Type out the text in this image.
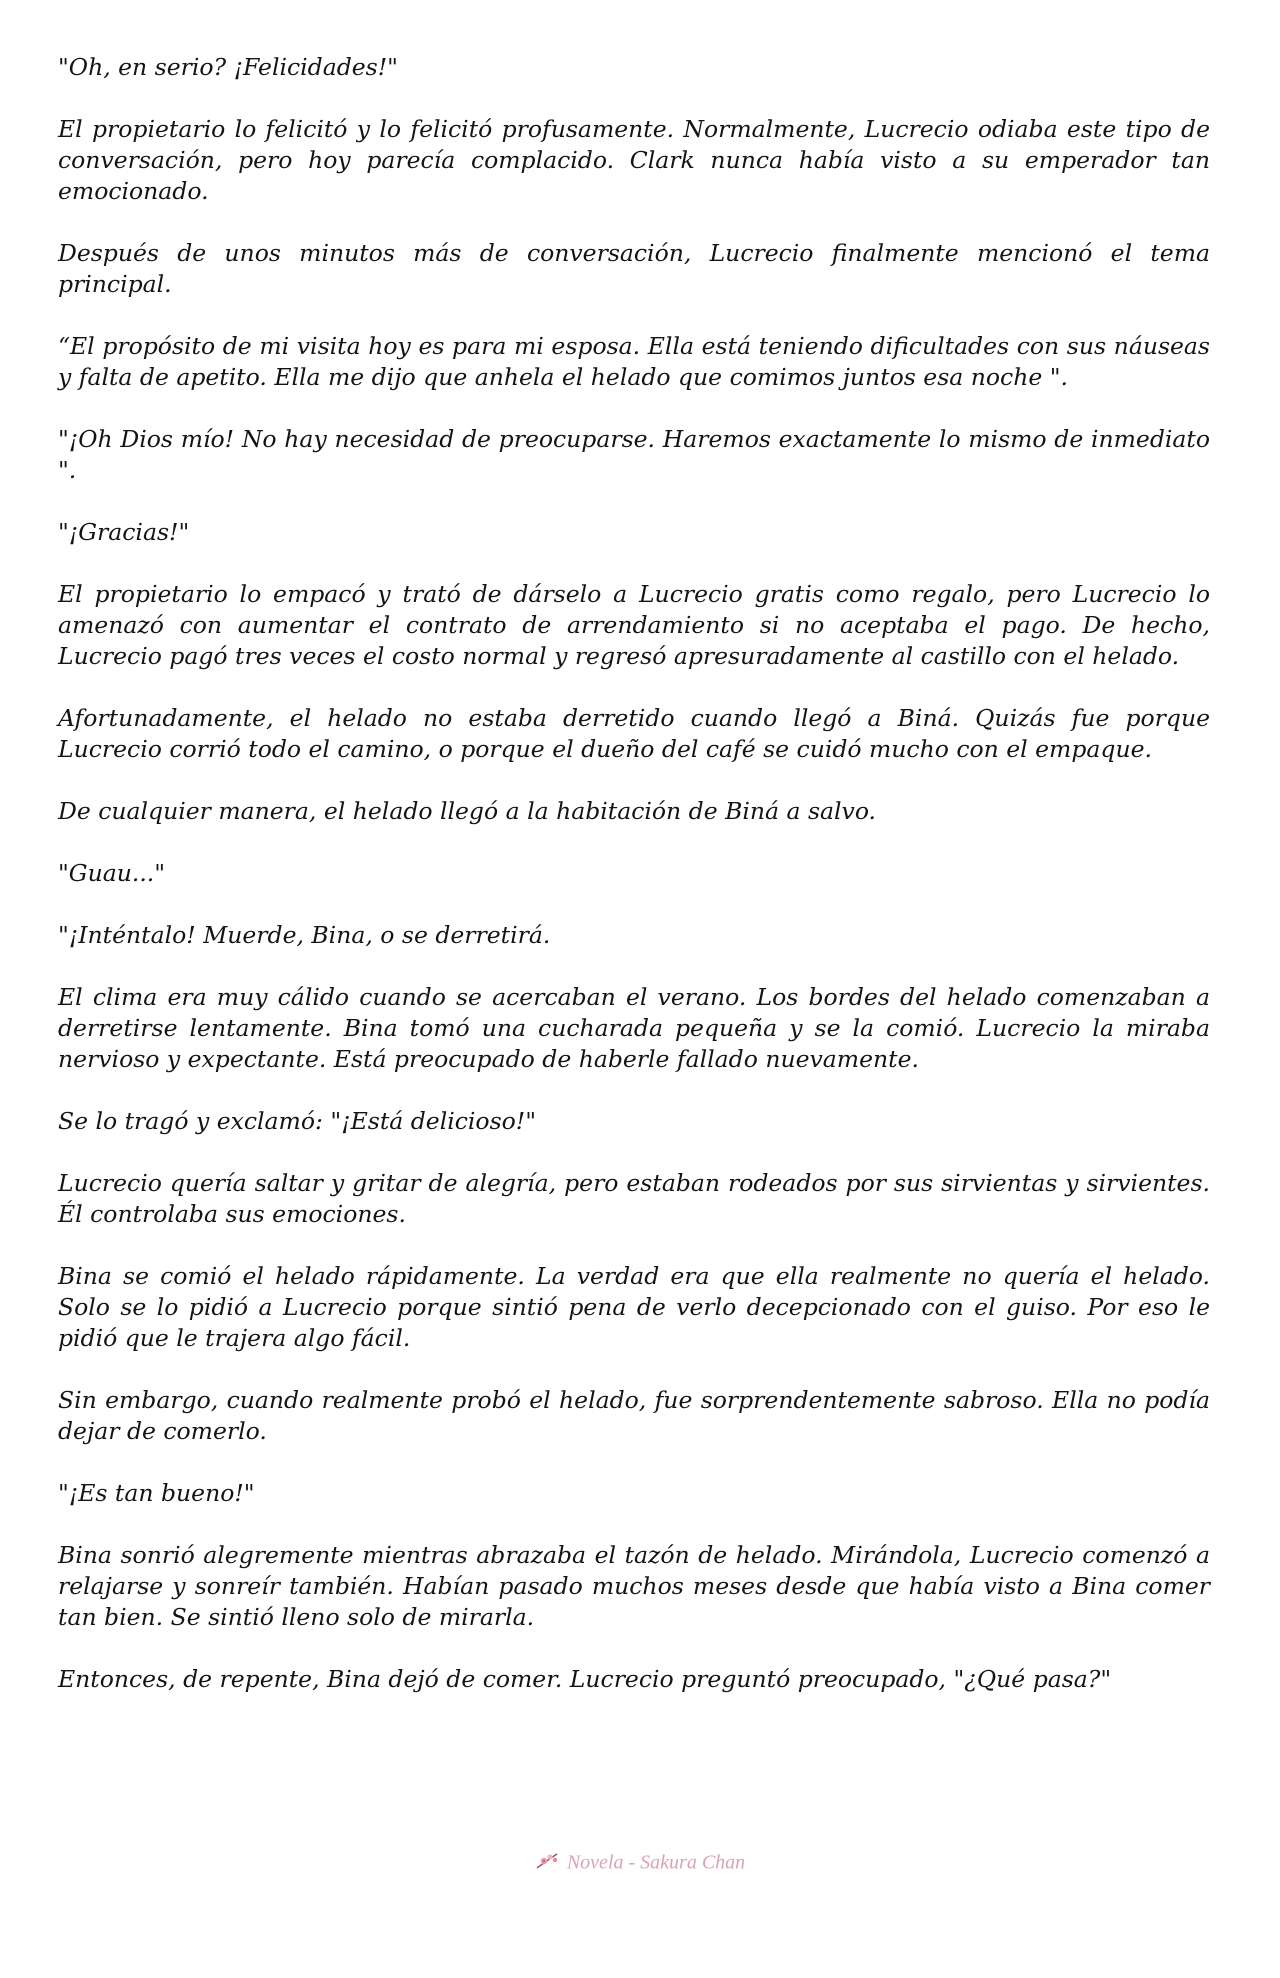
"Oh, en serio? ¡Felicidades!"

El propietario lo felicitó y lo felicitó profusamente. Normalmente, Lucrecio odiaba este tipo de conversación, pero hoy parecía complacido. Clark nunca había visto a su emperador tan emocionado.

Después de unos minutos más de conversación, Lucrecio finalmente mencionó el tema principal.

“El propósito de mi visita hoy es para mi esposa. Ella está teniendo dificultades con sus náuseas y falta de apetito. Ella me dijo que anhela el helado que comimos juntos esa noche ".

"¡Oh Dios mío! No hay necesidad de preocuparse. Haremos exactamente lo mismo de inmediato ".

"¡Gracias!"

El propietario lo empacó y trató de dárselo a Lucrecio gratis como regalo, pero Lucrecio lo amenazó con aumentar el contrato de arrendamiento si no aceptaba el pago. De hecho, Lucrecio pagó tres veces el costo normal y regresó apresuradamente al castillo con el helado.

Afortunadamente, el helado no estaba derretido cuando llegó a Biná. Quizás fue porque Lucrecio corrió todo el camino, o porque el dueño del café se cuidó mucho con el empaque.

De cualquier manera, el helado llegó a la habitación de Biná a salvo.

"Guau..."

"¡Inténtalo! Muerde, Bina, o se derretirá.

El clima era muy cálido cuando se acercaban el verano. Los bordes del helado comenzaban a derretirse lentamente. Bina tomó una cucharada pequeña y se la comió. Lucrecio la miraba nervioso y expectante. Está preocupado de haberle fallado nuevamente.

Se lo tragó y exclamó: "¡Está delicioso!"

Lucrecio quería saltar y gritar de alegría, pero estaban rodeados por sus sirvientas y sirvientes. Él controlaba sus emociones.

Bina se comió el helado rápidamente. La verdad era que ella realmente no quería el helado. Solo se lo pidió a Lucrecio porque sintió pena de verlo decepcionado con el guiso. Por eso le pidió que le trajera algo fácil.

Sin embargo, cuando realmente probó el helado, fue sorprendentemente sabroso. Ella no podía dejar de comerlo.

"¡Es tan bueno!"

Bina sonrió alegremente mientras abrazaba el tazón de helado. Mirándola, Lucrecio comenzó a relajarse y sonreír también. Habían pasado muchos meses desde que había visto a Bina comer tan bien. Se sintió lleno solo de mirarla.

Entonces, de repente, Bina dejó de comer. Lucrecio preguntó preocupado, "¿Qué pasa?"

Novela - Sakura Chan
